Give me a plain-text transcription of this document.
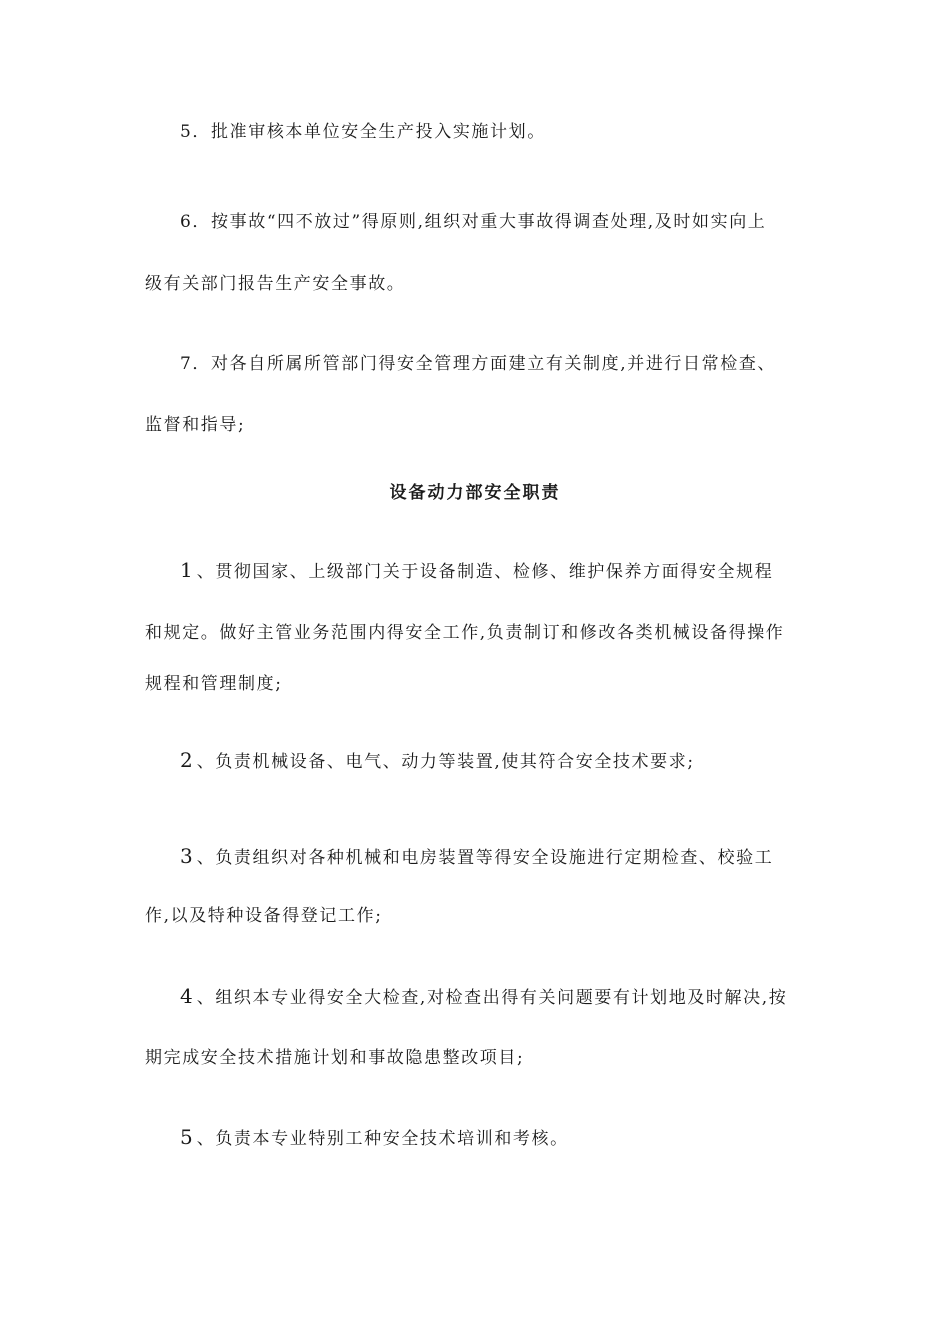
5．批准审核本单位安全生产投入实施计划。
6．按事故“四不放过”得原则,组织对重大事故得调查处理,及时如实向上
级有关部门报告生产安全事故。
7．对各自所属所管部门得安全管理方面建立有关制度,并进行日常检查、
监督和指导;
设备动力部安全职责
1 、贯彻国家、上级部门关于设备制造、检修、维护保养方面得安全规程
和规定。做好主管业务范围内得安全工作,负责制订和修改各类机械设备得操作
规程和管理制度;
2 、负责机械设备、电气、动力等装置,使其符合安全技术要求;
3 、负责组织对各种机械和电房装置等得安全设施进行定期检查、校验工
作,以及特种设备得登记工作;
4 、组织本专业得安全大检查,对检查出得有关问题要有计划地及时解决,按
期完成安全技术措施计划和事故隐患整改项目;
5 、负责本专业特别工种安全技术培训和考核。
